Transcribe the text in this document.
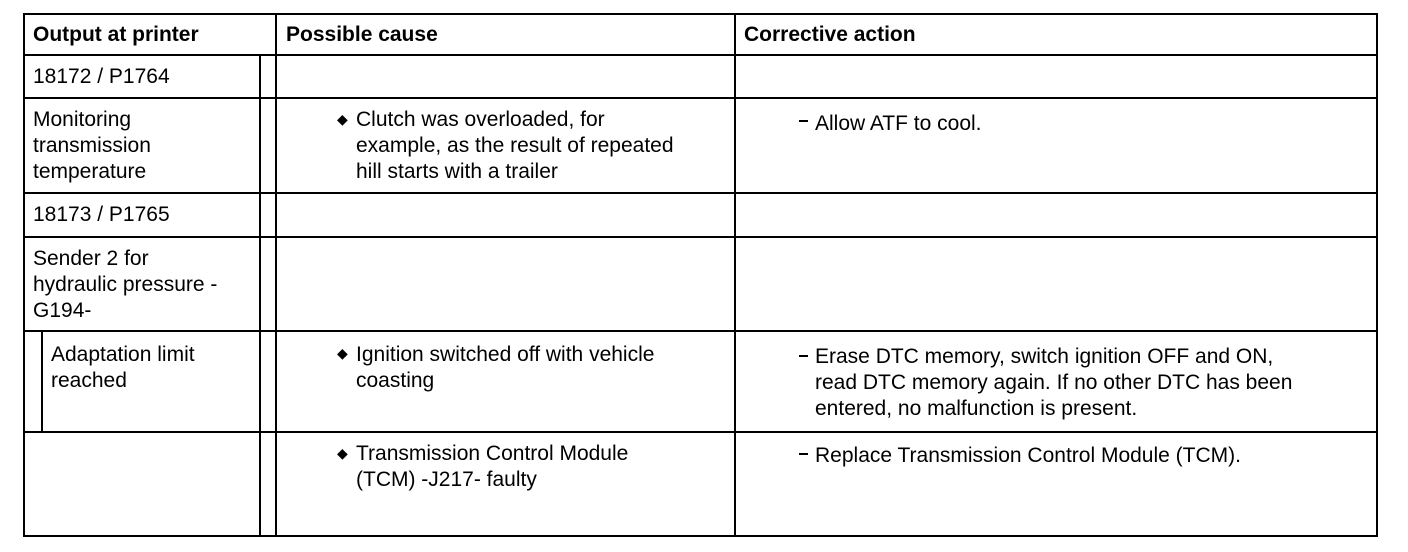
Output at printer	Possible cause	Corrective action
18172 / P1764
Monitoring
transmission
temperature
◆ Clutch was overloaded, for
example, as the result of repeated
hill starts with a trailer
Allow ATF to cool.
18173 / P1765
Sender 2 for
hydraulic pressure -
G194-
Adaptation limit
reached
◆ Ignition switched off with vehicle
coasting
Erase DTC memory, switch ignition OFF and ON,
read DTC memory again. If no other DTC has been
entered, no malfunction is present.
◆ Transmission Control Module
(TCM) -J217- faulty
Replace Transmission Control Module (TCM).
